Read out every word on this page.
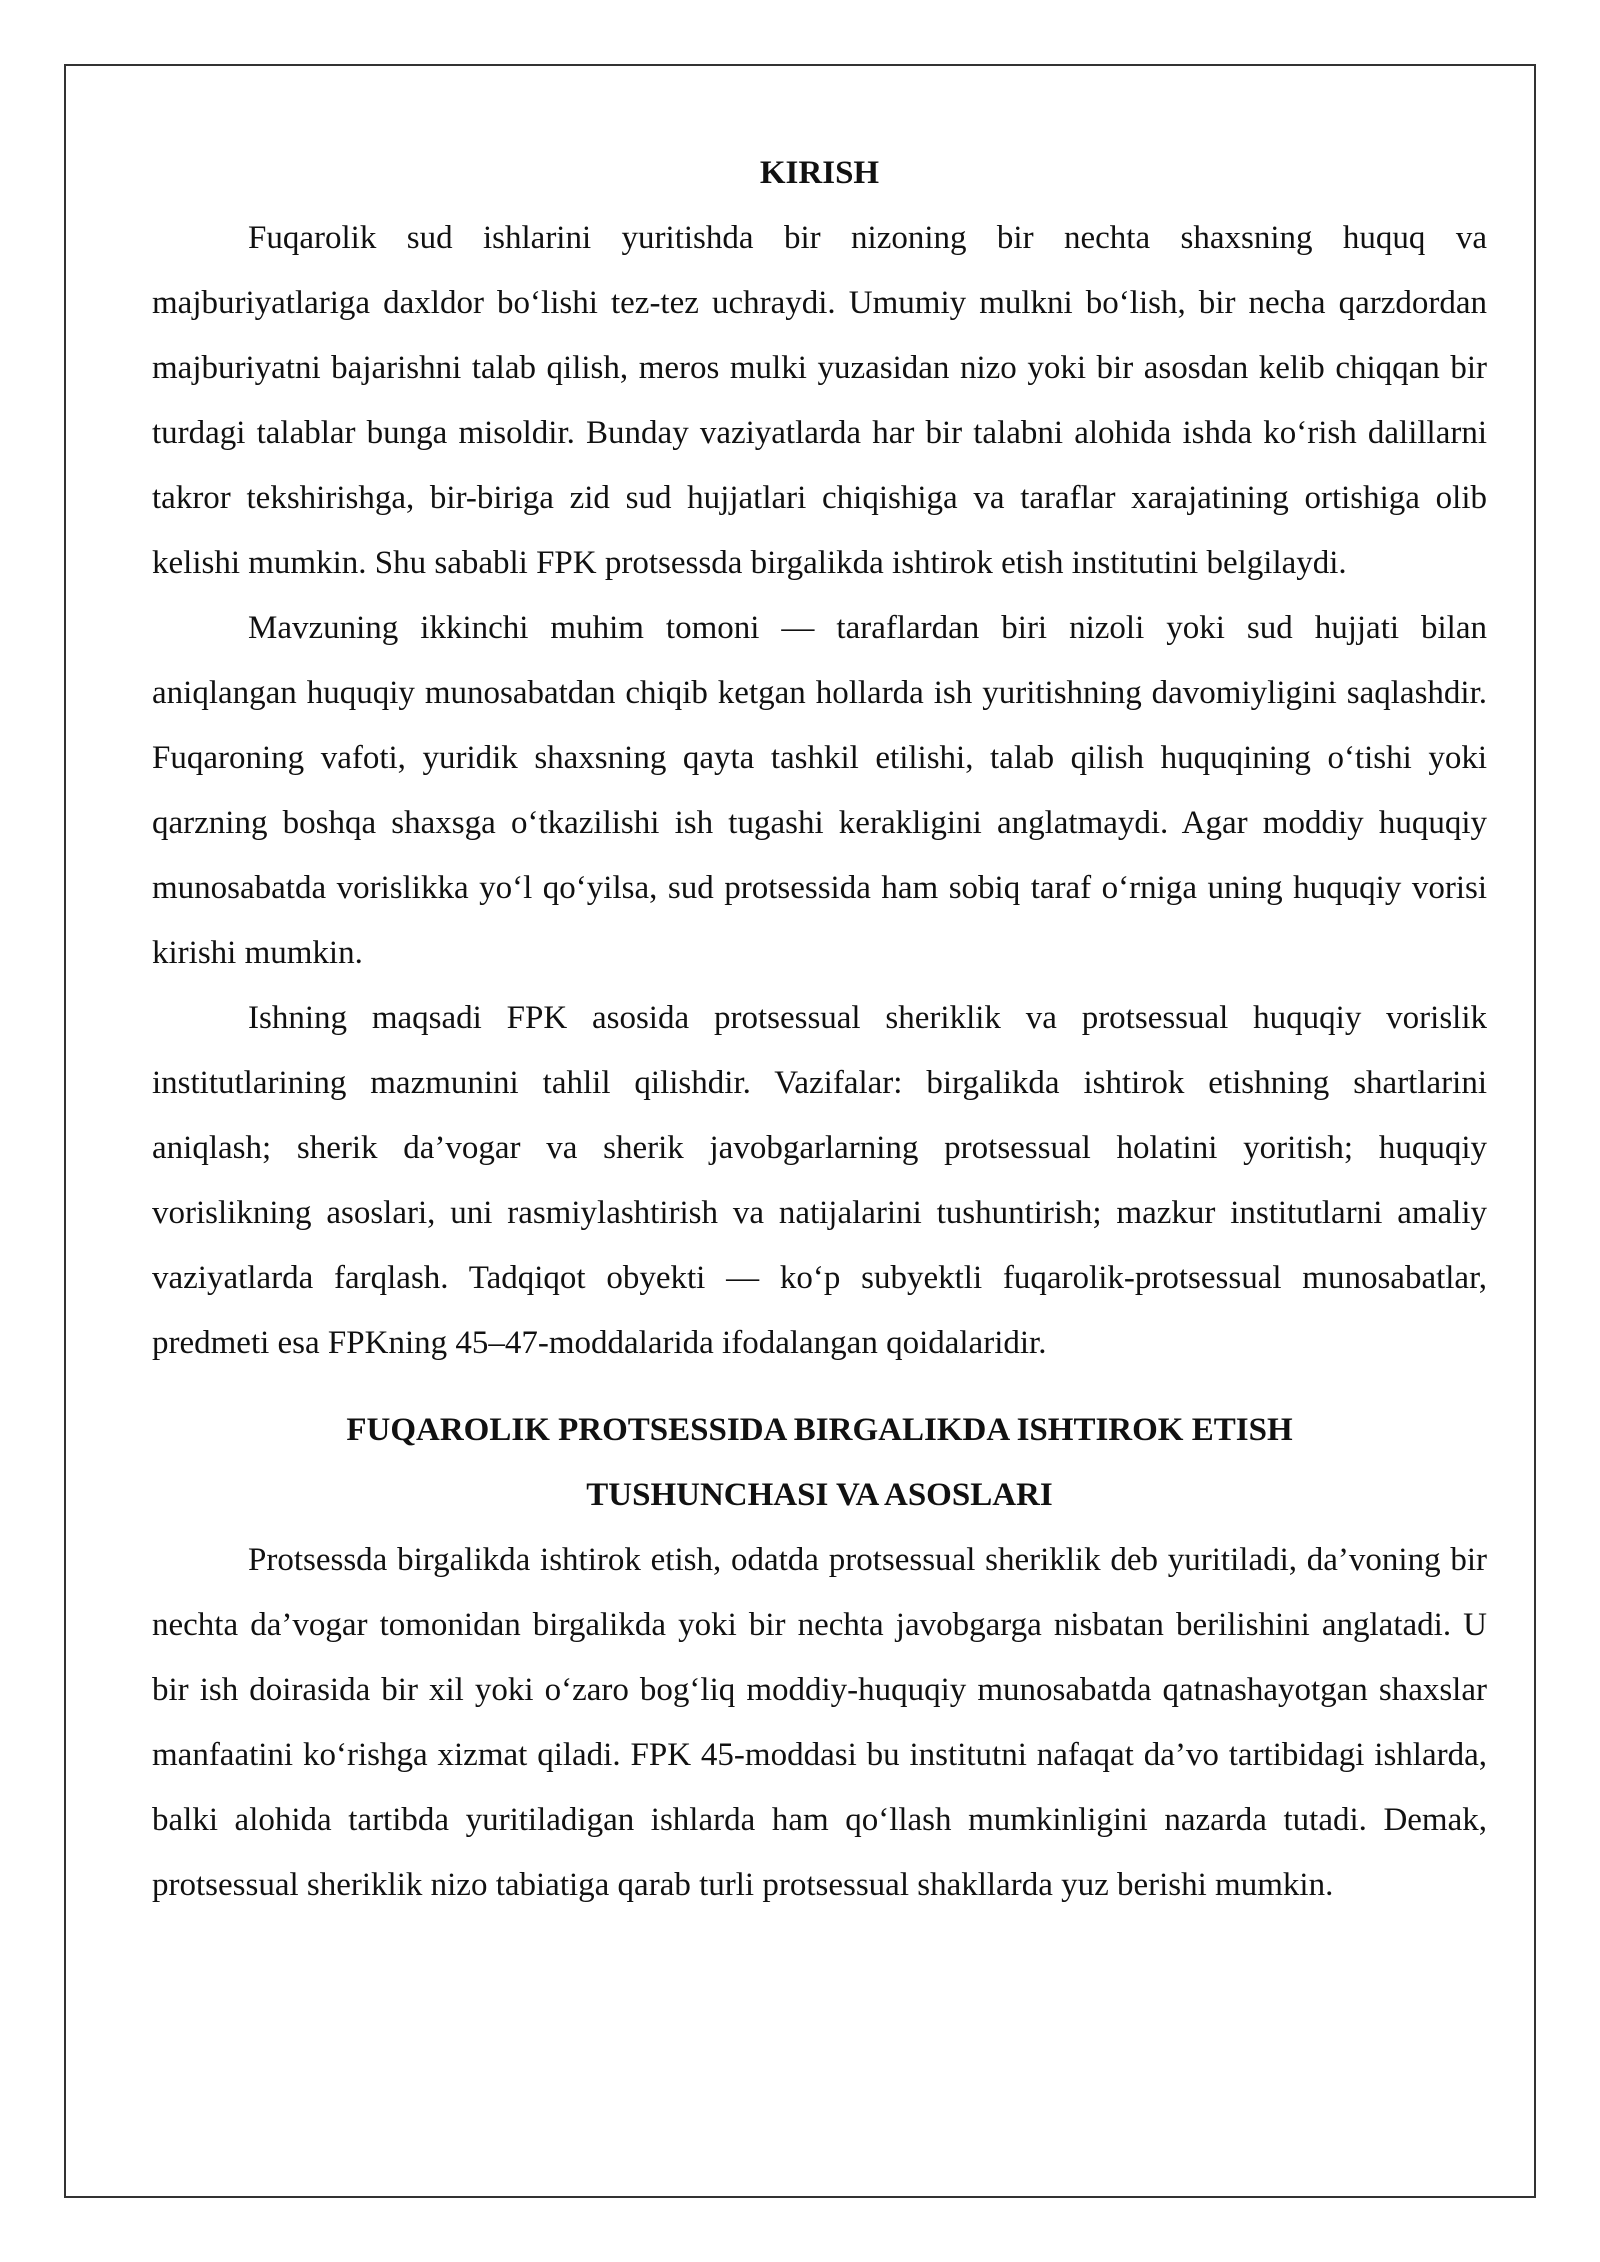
KIRISH

Fuqarolik sud ishlarini yuritishda bir nizoning bir nechta shaxsning huquq va majburiyatlariga daxldor bo‘lishi tez-tez uchraydi. Umumiy mulkni bo‘lish, bir necha qarzdordan majburiyatni bajarishni talab qilish, meros mulki yuzasidan nizo yoki bir asosdan kelib chiqqan bir turdagi talablar bunga misoldir. Bunday vaziyatlarda har bir talabni alohida ishda ko‘rish dalillarni takror tekshirishga, bir-biriga zid sud hujjatlari chiqishiga va taraflar xarajatining ortishiga olib kelishi mumkin. Shu sababli FPK protsessda birgalikda ishtirok etish institutini belgilaydi.

Mavzuning ikkinchi muhim tomoni — taraflardan biri nizoli yoki sud hujjati bilan aniqlangan huquqiy munosabatdan chiqib ketgan hollarda ish yuritishning davomiyligini saqlashdir. Fuqaroning vafoti, yuridik shaxsning qayta tashkil etilishi, talab qilish huquqining o‘tishi yoki qarzning boshqa shaxsga o‘tkazilishi ish tugashi kerakligini anglatmaydi. Agar moddiy huquqiy munosabatda vorislikka yo‘l qo‘yilsa, sud protsessida ham sobiq taraf o‘rniga uning huquqiy vorisi kirishi mumkin.

Ishning maqsadi FPK asosida protsessual sheriklik va protsessual huquqiy vorislik institutlarining mazmunini tahlil qilishdir. Vazifalar: birgalikda ishtirok etishning shartlarini aniqlash; sherik da’vogar va sherik javobgarlarning protsessual holatini yoritish; huquqiy vorislikning asoslari, uni rasmiylashtirish va natijalarini tushuntirish; mazkur institutlarni amaliy vaziyatlarda farqlash. Tadqiqot obyekti — ko‘p subyektli fuqarolik-protsessual munosabatlar, predmeti esa FPKning 45–47-moddalarida ifodalangan qoidalaridir.

FUQAROLIK PROTSESSIDA BIRGALIKDA ISHTIROK ETISH
TUSHUNCHASI VA ASOSLARI

Protsessda birgalikda ishtirok etish, odatda protsessual sheriklik deb yuritiladi, da’voning bir nechta da’vogar tomonidan birgalikda yoki bir nechta javobgarga nisbatan berilishini anglatadi. U bir ish doirasida bir xil yoki o‘zaro bog‘liq moddiy-huquqiy munosabatda qatnashayotgan shaxslar manfaatini ko‘rishga xizmat qiladi. FPK 45-moddasi bu institutni nafaqat da’vo tartibidagi ishlarda, balki alohida tartibda yuritiladigan ishlarda ham qo‘llash mumkinligini nazarda tutadi. Demak, protsessual sheriklik nizo tabiatiga qarab turli protsessual shakllarda yuz berishi mumkin.
